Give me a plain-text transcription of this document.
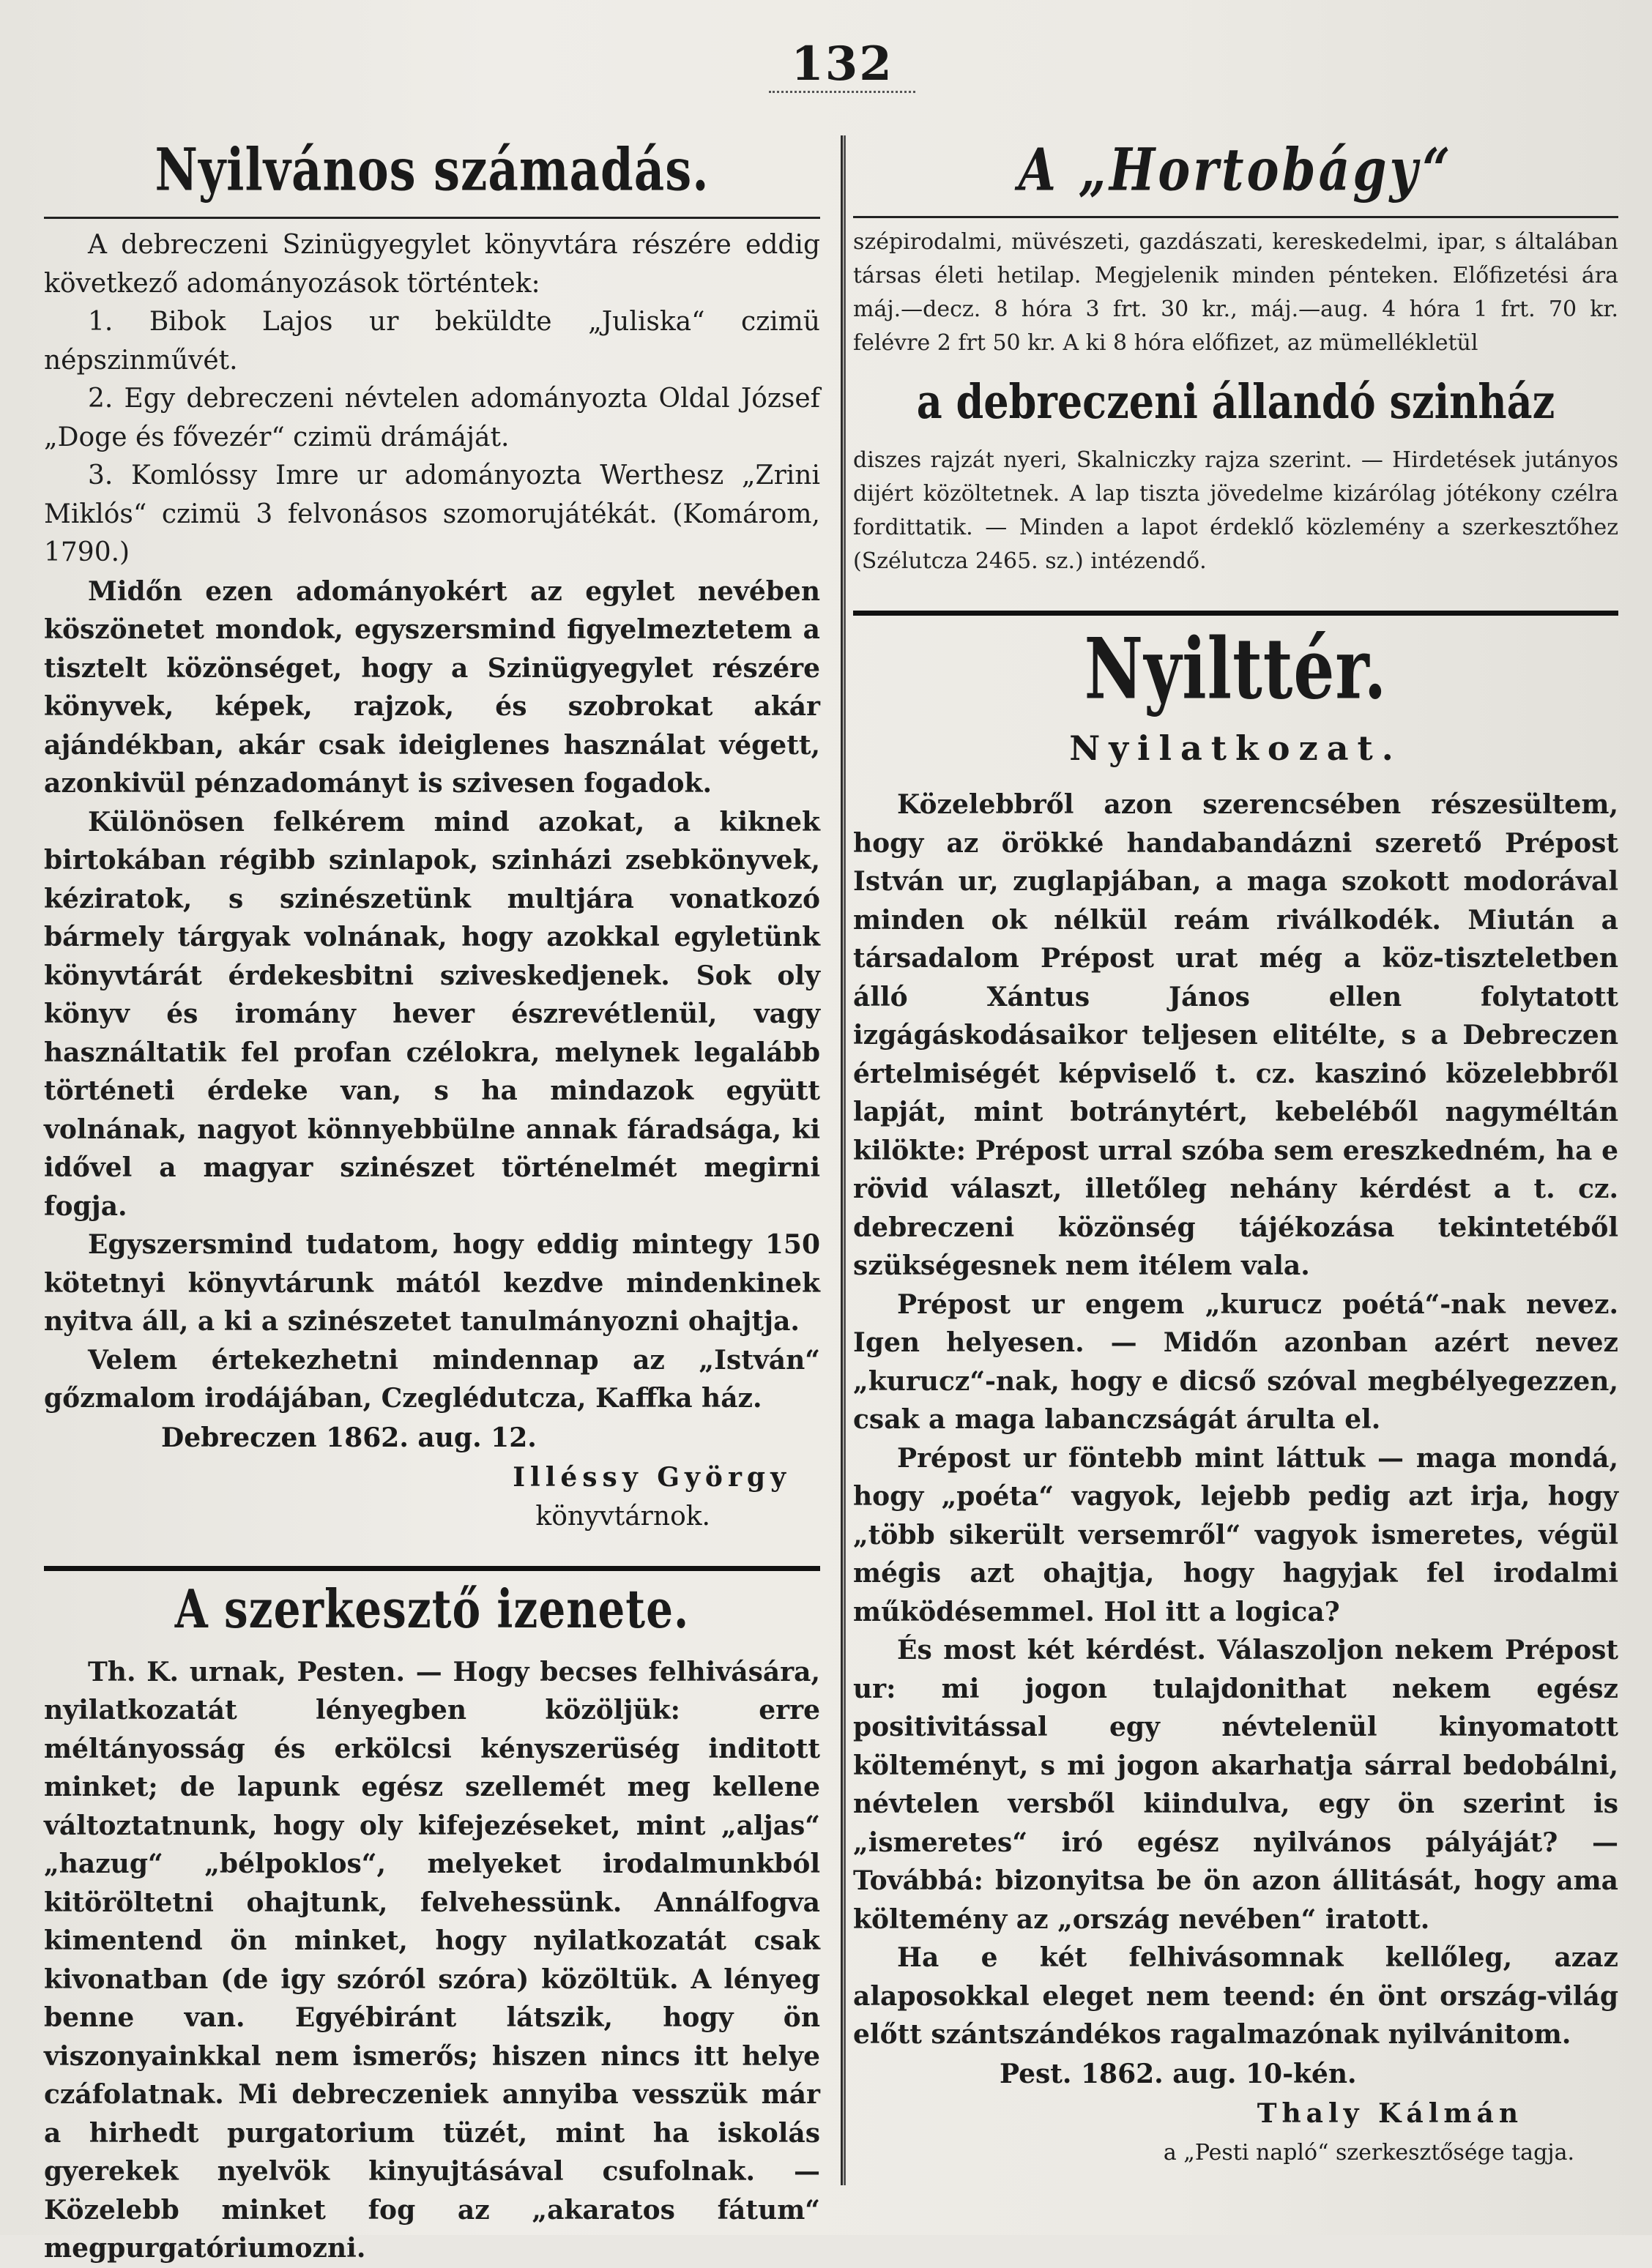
132
Nyilvános számadás.

A debreczeni Szinügyegylet könyvtára részére eddig következő adományozások történtek:

1. Bibok Lajos ur beküldte „Juliska“ czimü népszinművét.

2. Egy debreczeni névtelen adományozta Oldal József „Doge és fővezér“ czimü drámáját.

3. Komlóssy Imre ur adományozta Werthesz „Zrini Miklós“ czimü 3 felvonásos szomorujátékát. (Komárom, 1790.)

Midőn ezen adományokért az egylet nevében köszönetet mondok, egyszersmind figyelmeztetem a tisztelt közönséget, hogy a Szinügyegylet részére könyvek, képek, rajzok, és szobrokat akár ajándékban, akár csak ideiglenes használat végett, azonkivül pénzadományt is szivesen fogadok.

Különösen felkérem mind azokat, a kiknek birtokában régibb szinlapok, szinházi zsebkönyvek, kéziratok, s szinészetünk multjára vonatkozó bármely tárgyak volnának, hogy azokkal egyletünk könyvtárát érdekesbitni sziveskedjenek. Sok oly könyv és iromány hever észrevétlenül, vagy használtatik fel profan czélokra, melynek legalább történeti érdeke van, s ha mindazok együtt volnának, nagyot könnyebbülne annak fáradsága, ki idővel a magyar szinészet történelmét megirni fogja.

Egyszersmind tudatom, hogy eddig mintegy 150 kötetnyi könyvtárunk mától kezdve mindenkinek nyitva áll, a ki a szinészetet tanulmányozni ohajtja.

Velem értekezhetni mindennap az „István“ gőzmalom irodájában, Czeglédutcza, Kaffka ház.

Debreczen 1862. aug. 12.
Illéssy György
könyvtárnok.
A szerkesztő izenete.

Th. K. urnak, Pesten. — Hogy becses felhivására, nyilatkozatát lényegben közöljük: erre méltányosság és erkölcsi kényszerüség inditott minket; de lapunk egész szellemét meg kellene változtatnunk, hogy oly kifejezéseket, mint „aljas“ „hazug“ „bélpoklos“, melyeket irodalmunkból kitöröltetni ohajtunk, felvehessünk. Annálfogva kimentend ön minket, hogy nyilatkozatát csak kivonatban (de igy szóról szóra) közöltük. A lényeg benne van. Egyébiránt látszik, hogy ön viszonyainkkal nem ismerős; hiszen nincs itt helye czáfolatnak. Mi debreczeniek annyiba vesszük már a hirhedt purgatorium tüzét, mint ha iskolás gyerekek nyelvök kinyujtásával csufolnak. — Közelebb minket fog az „akaratos fátum“ megpurgatóriumozni.

A „Hortobágy“

szépirodalmi, müvészeti, gazdászati, kereskedelmi, ipar, s általában társas életi hetilap. Megjelenik minden pénteken. Előfizetési ára máj.—decz. 8 hóra 3 frt. 30 kr., máj.—aug. 4 hóra 1 frt. 70 kr. felévre 2 frt 50 kr. A ki 8 hóra előfizet, az mümellékletül

a debreczeni állandó szinház

diszes rajzát nyeri, Skalniczky rajza szerint. — Hirdetések jutányos dijért közöltetnek. A lap tiszta jövedelme kizárólag jótékony czélra fordittatik. — Minden a lapot érdeklő közlemény a szerkesztőhez (Szélutcza 2465. sz.) intézendő.

Nyilttér.
Nyilatkozat.

Közelebbről azon szerencsében részesültem, hogy az örökké handabandázni szerető Prépost István ur, zuglapjában, a maga szokott modorával minden ok nélkül reám riválkodék. Miután a társadalom Prépost urat még a köz-tiszteletben álló Xántus János ellen folytatott izgágáskodásaikor teljesen elitélte, s a Debreczen értelmiségét képviselő t. cz. kaszinó közelebbről lapját, mint botránytért, kebeléből nagyméltán kilökte: Prépost urral szóba sem ereszkedném, ha e rövid választ, illetőleg nehány kérdést a t. cz. debreczeni közönség tájékozása tekintetéből szükségesnek nem itélem vala.

Prépost ur engem „kurucz poétá“-nak nevez. Igen helyesen. — Midőn azonban azért nevez „kurucz“-nak, hogy e dicső szóval megbélyegezzen, csak a maga labanczságát árulta el.

Prépost ur föntebb mint láttuk — maga mondá, hogy „poéta“ vagyok, lejebb pedig azt irja, hogy „több sikerült versemről“ vagyok ismeretes, végül mégis azt ohajtja, hogy hagyjak fel irodalmi működésemmel. Hol itt a logica?

És most két kérdést. Válaszoljon nekem Prépost ur: mi jogon tulajdonithat nekem egész positivitással egy névtelenül kinyomatott költeményt, s mi jogon akarhatja sárral bedobálni, névtelen versből kiindulva, egy ön szerint is „ismeretes“ iró egész nyilvános pályáját? — Továbbá: bizonyitsa be ön azon állitását, hogy ama költemény az „ország nevében“ iratott.

Ha e két felhivásomnak kellőleg, azaz alaposokkal eleget nem teend: én önt ország-világ előtt szántszándékos ragalmazónak nyilvánitom.

Pest. 1862. aug. 10-kén.
Thaly Kálmán
a „Pesti napló“ szerkesztősége tagja.
